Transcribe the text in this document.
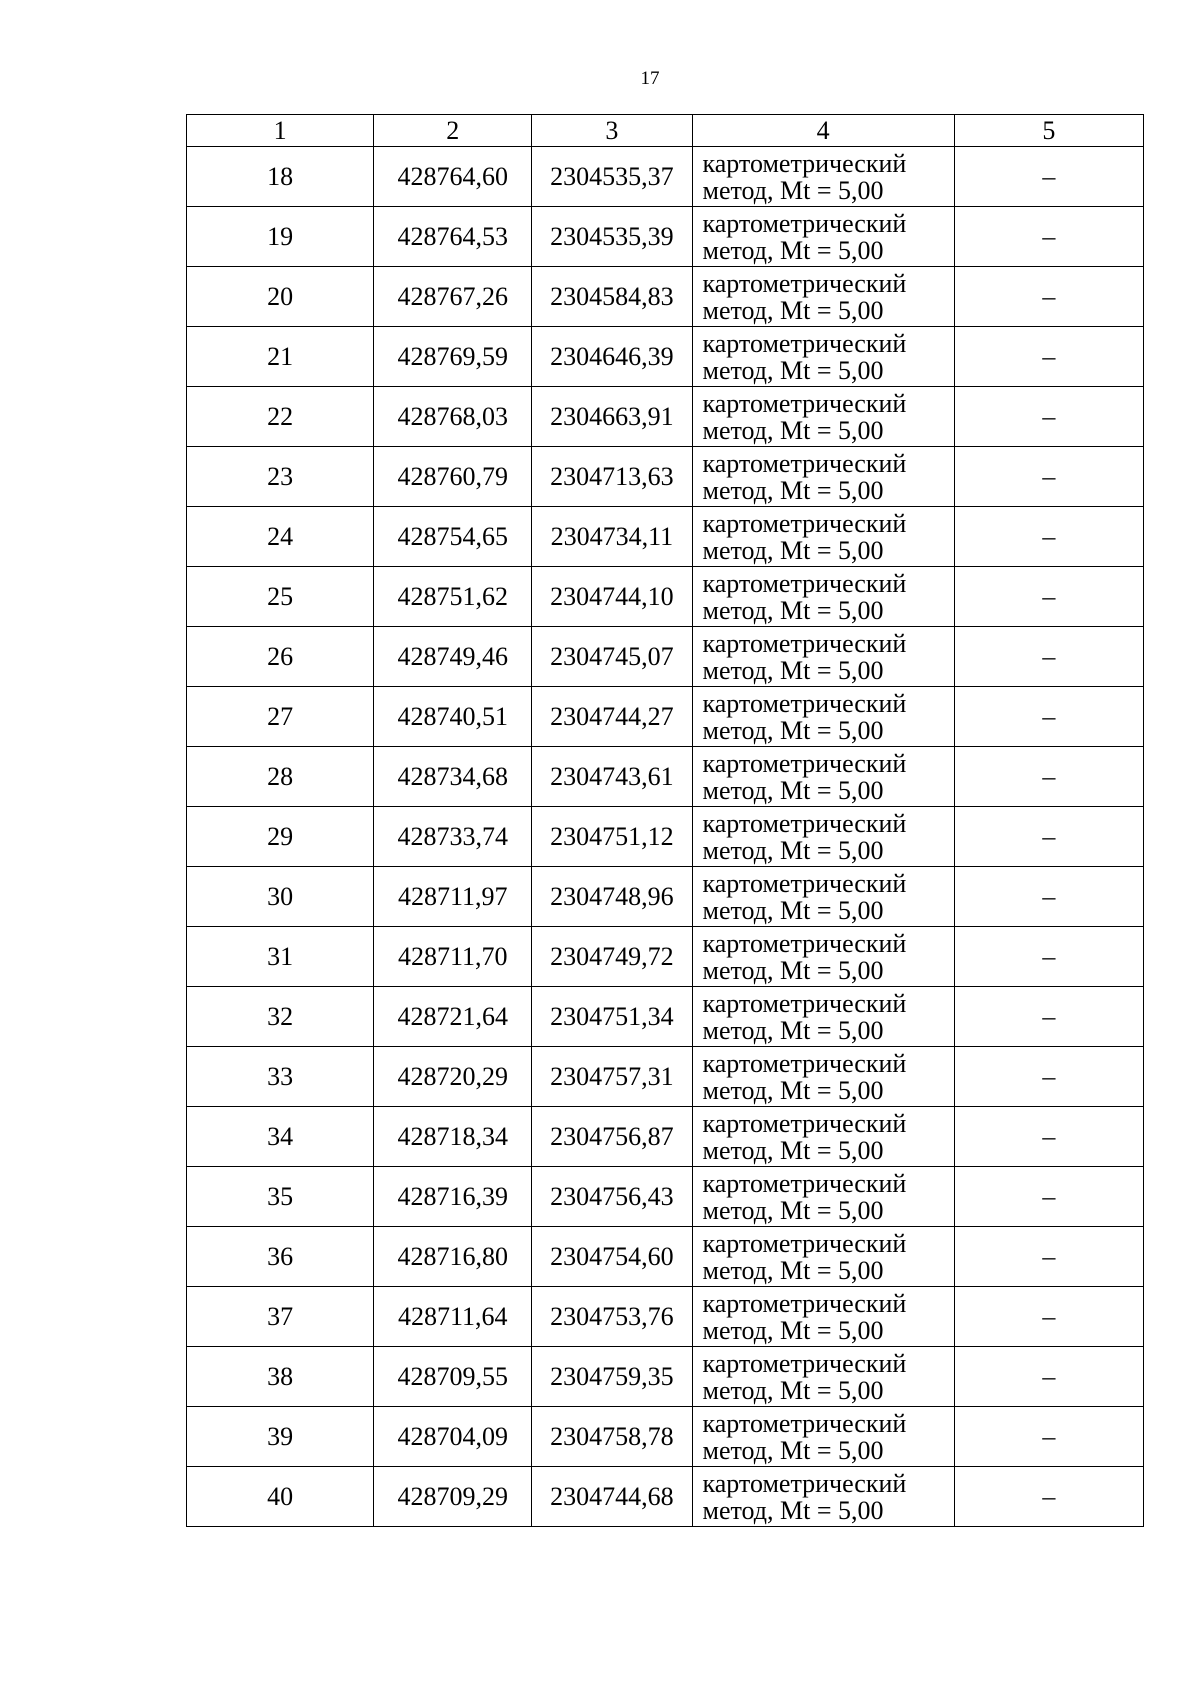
17
1	2	3	4	5
18	428764,60	2304535,37	картометрический
метод, Mt = 5,00	–
19	428764,53	2304535,39	картометрический
метод, Mt = 5,00	–
20	428767,26	2304584,83	картометрический
метод, Mt = 5,00	–
21	428769,59	2304646,39	картометрический
метод, Mt = 5,00	–
22	428768,03	2304663,91	картометрический
метод, Mt = 5,00	–
23	428760,79	2304713,63	картометрический
метод, Mt = 5,00	–
24	428754,65	2304734,11	картометрический
метод, Mt = 5,00	–
25	428751,62	2304744,10	картометрический
метод, Mt = 5,00	–
26	428749,46	2304745,07	картометрический
метод, Mt = 5,00	–
27	428740,51	2304744,27	картометрический
метод, Mt = 5,00	–
28	428734,68	2304743,61	картометрический
метод, Mt = 5,00	–
29	428733,74	2304751,12	картометрический
метод, Mt = 5,00	–
30	428711,97	2304748,96	картометрический
метод, Mt = 5,00	–
31	428711,70	2304749,72	картометрический
метод, Mt = 5,00	–
32	428721,64	2304751,34	картометрический
метод, Mt = 5,00	–
33	428720,29	2304757,31	картометрический
метод, Mt = 5,00	–
34	428718,34	2304756,87	картометрический
метод, Mt = 5,00	–
35	428716,39	2304756,43	картометрический
метод, Mt = 5,00	–
36	428716,80	2304754,60	картометрический
метод, Mt = 5,00	–
37	428711,64	2304753,76	картометрический
метод, Mt = 5,00	–
38	428709,55	2304759,35	картометрический
метод, Mt = 5,00	–
39	428704,09	2304758,78	картометрический
метод, Mt = 5,00	–
40	428709,29	2304744,68	картометрический
метод, Mt = 5,00	–
